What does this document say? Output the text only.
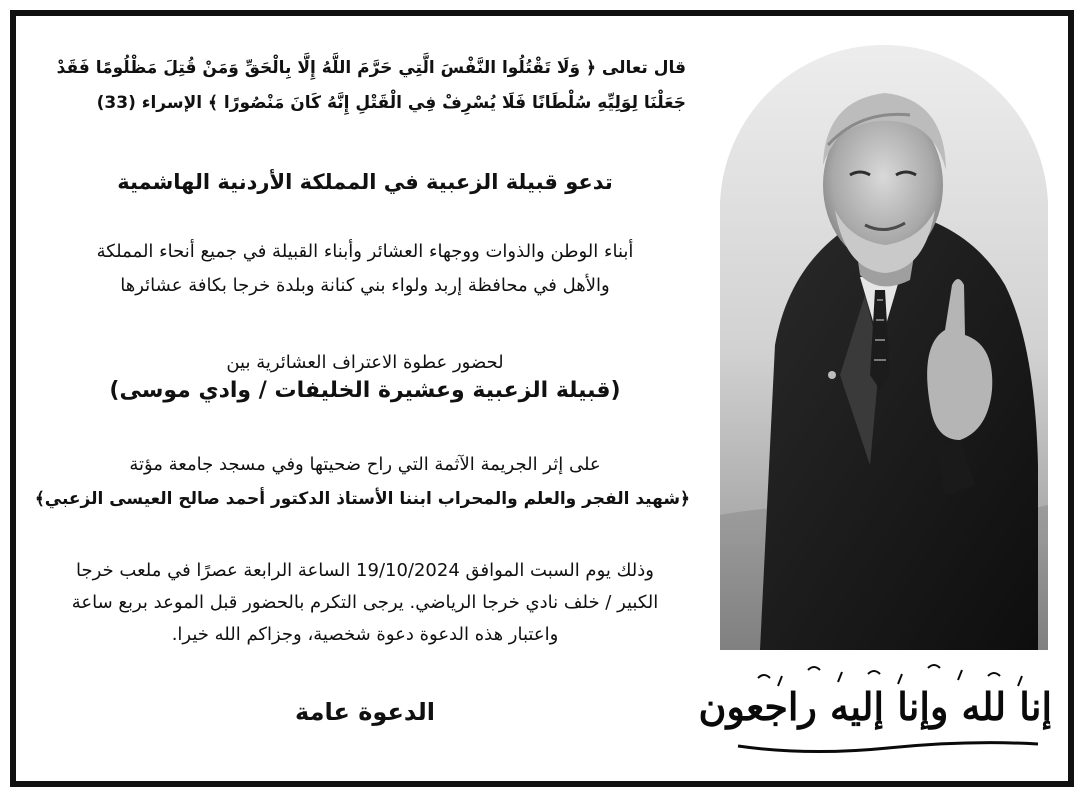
قال تعالى ﴿ وَلَا تَقْتُلُوا النَّفْسَ الَّتِي حَرَّمَ اللَّهُ إِلَّا بِالْحَقِّ وَمَنْ قُتِلَ مَظْلُومًا فَقَدْ
جَعَلْنَا لِوَلِيِّهِ سُلْطَانًا فَلَا يُسْرِفْ فِي الْقَتْلِ إِنَّهُ كَانَ مَنْصُورًا ﴾ الإسراء (33)
تدعو قبيلة الزعبية في المملكة الأردنية الهاشمية
أبناء الوطن والذوات ووجهاء العشائر وأبناء القبيلة في جميع أنحاء المملكة
والأهل في محافظة إربد ولواء بني كنانة وبلدة خرجا بكافة عشائرها
لحضور عطوة الاعتراف العشائرية بين
(قبيلة الزعبية وعشيرة الخليفات / وادي موسى)
على إثر الجريمة الآثمة التي راح ضحيتها وفي مسجد جامعة مؤتة
﴿شهيد الفجر والعلم والمحراب ابننا الأستاذ الدكتور أحمد صالح العيسى الزعبي﴾
وذلك يوم السبت الموافق 19/10/2024 الساعة الرابعة عصرًا في ملعب خرجا
الكبير / خلف نادي خرجا الرياضي. يرجى التكرم بالحضور قبل الموعد بربع ساعة
واعتبار هذه الدعوة دعوة شخصية، وجزاكم الله خيرا.
الدعوة عامة	إنا لله وإنا إليه راجعون
